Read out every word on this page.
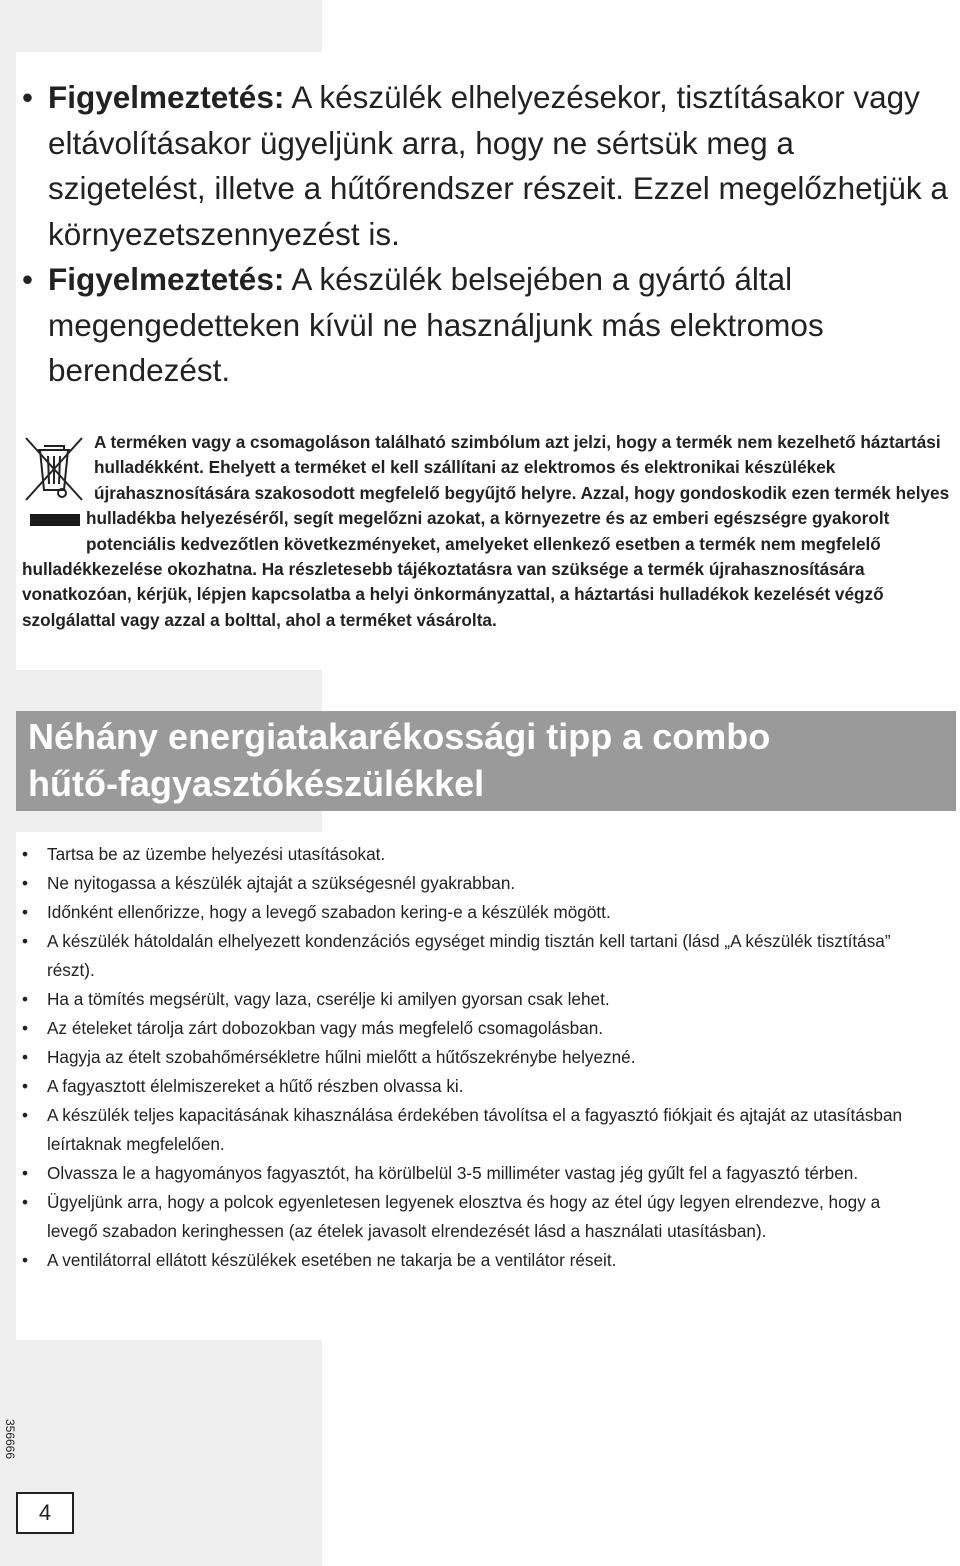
• Figyelmeztetés: A készülék elhelyezésekor, tisztításakor vagy eltávolításakor ügyeljünk arra, hogy ne sértsük meg a szigetelést, illetve a hűtőrendszer részeit. Ezzel megelőzhetjük a környezetszennyezést is.
• Figyelmeztetés: A készülék belsejében a gyártó által megengedetteken kívül ne használjunk más elektromos berendezést.
A terméken vagy a csomagoláson található szimbólum azt jelzi, hogy a termék nem kezelhető háztartási hulladékként. Ehelyett a terméket el kell szállítani az elektromos és elektronikai készülékek újrahasznosítására szakosodott megfelelő begyűjtő helyre. Azzal, hogy gondoskodik ezen termék helyes hulladékba helyezéséről, segít megelőzni azokat, a környezetre és az emberi egészségre gyakorolt potenciális kedvezőtlen következményeket, amelyeket ellenkező esetben a termék nem megfelelő hulladékkezelése okozhatna. Ha részletesebb tájékoztatásra van szüksége a termék újrahasznosítására vonatkozóan, kérjük, lépjen kapcsolatba a helyi önkormányzattal, a háztartási hulladékok kezelését végző szolgálattal vagy azzal a bolttal, ahol a terméket vásárolta.
Néhány energiatakarékossági tipp a combo
hűtő-fagyasztókészülékkel
• Tartsa be az üzembe helyezési utasításokat.
• Ne nyitogassa a készülék ajtaját a szükségesnél gyakrabban.
• Időnként ellenőrizze, hogy a levegő szabadon kering-e a készülék mögött.
• A készülék hátoldalán elhelyezett kondenzációs egységet mindig tisztán kell tartani (lásd „A készülék tisztítása” részt).
• Ha a tömítés megsérült, vagy laza, cserélje ki amilyen gyorsan csak lehet.
• Az ételeket tárolja zárt dobozokban vagy más megfelelő csomagolásban.
• Hagyja az ételt szobahőmérsékletre hűlni mielőtt a hűtőszekrénybe helyezné.
• A fagyasztott élelmiszereket a hűtő részben olvassa ki.
• A készülék teljes kapacitásának kihasználása érdekében távolítsa el a fagyasztó fiókjait és ajtaját az utasításban leírtaknak megfelelően.
• Olvassza le a hagyományos fagyasztót, ha körülbelül 3-5 milliméter vastag jég gyűlt fel a fagyasztó térben.
• Ügyeljünk arra, hogy a polcok egyenletesen legyenek elosztva és hogy az étel úgy legyen elrendezve, hogy a levegő szabadon keringhessen (az ételek javasolt elrendezését lásd a használati utasításban).
• A ventilátorral ellátott készülékek esetében ne takarja be a ventilátor réseit.
356666
4
